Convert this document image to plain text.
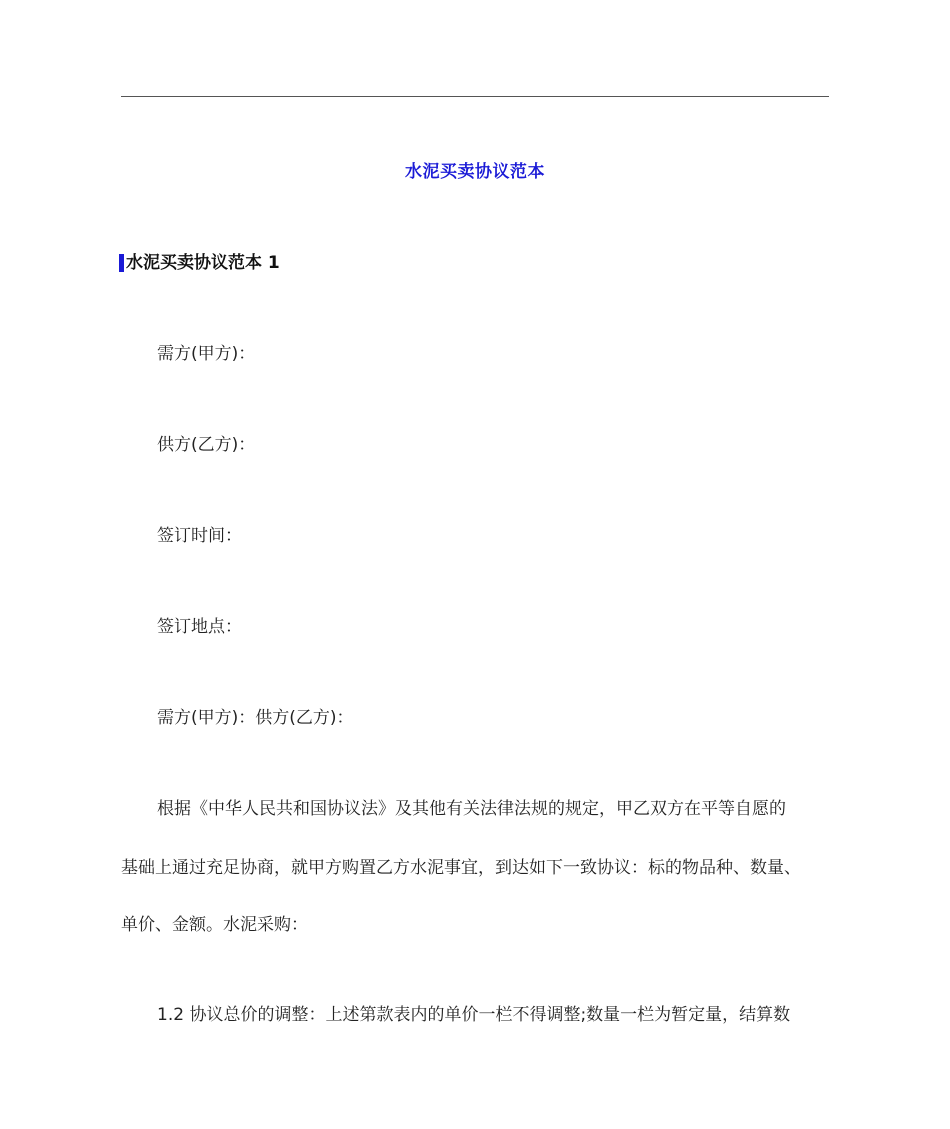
水泥买卖协议范本
水泥买卖协议范本 1
需方(甲方)：
供方(乙方)：
签订时间：
签订地点：
需方(甲方)：供方(乙方)：
根据《中华人民共和国协议法》及其他有关法律法规的规定，甲乙双方在平等自愿的
基础上通过充足协商，就甲方购置乙方水泥事宜，到达如下一致协议：标的物品种、数量、
单价、金额。水泥采购：
1.2 协议总价的调整：上述第款表内的单价一栏不得调整;数量一栏为暂定量，结算数
